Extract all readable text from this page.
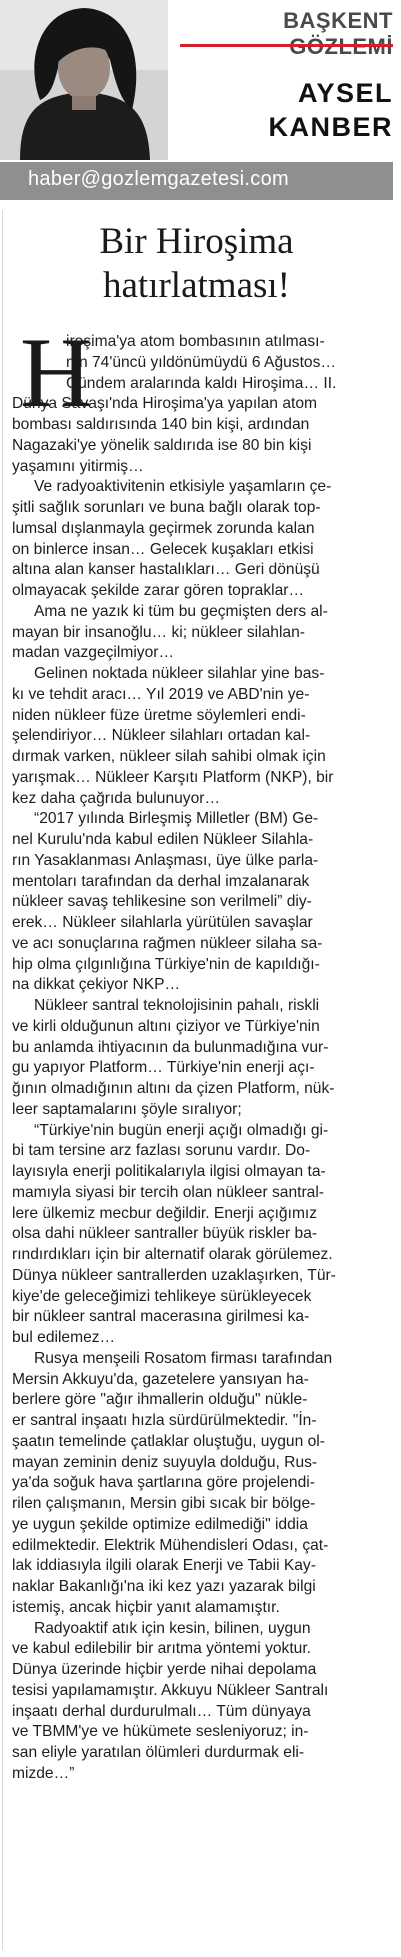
BAŞKENT
AYSEL
KANBER
haber@gozlemgazetesi.com
Bir Hiroşima
hatırlatması!
H
iroşima'ya atom bombasının atılması-
nın 74'üncü yıldönümüydü 6 Ağustos…
Gündem aralarında kaldı Hiroşima… II.
Dünya Savaşı'nda Hiroşima'ya yapılan atom
bombası saldırısında 140 bin kişi, ardından
Nagazaki'ye yönelik saldırıda ise 80 bin kişi
yaşamını yitirmiş…
Ve radyoaktivitenin etkisiyle yaşamların çe-
şitli sağlık sorunları ve buna bağlı olarak top-
lumsal dışlanmayla geçirmek zorunda kalan
on binlerce insan… Gelecek kuşakları etkisi
altına alan kanser hastalıkları… Geri dönüşü
olmayacak şekilde zarar gören topraklar…
Ama ne yazık ki tüm bu geçmişten ders al-
mayan bir insanoğlu… ki; nükleer silahlan-
madan vazgeçilmiyor…
Gelinen noktada nükleer silahlar yine bas-
kı ve tehdit aracı… Yıl 2019 ve ABD'nin ye-
niden nükleer füze üretme söylemleri endi-
şelendiriyor… Nükleer silahları ortadan kal-
dırmak varken, nükleer silah sahibi olmak için
yarışmak… Nükleer Karşıtı Platform (NKP), bir
kez daha çağrıda bulunuyor…
“2017 yılında Birleşmiş Milletler (BM) Ge-
nel Kurulu'nda kabul edilen Nükleer Silahla-
rın Yasaklanması Anlaşması, üye ülke parla-
mentoları tarafından da derhal imzalanarak
nükleer savaş tehlikesine son verilmeli” diy-
erek… Nükleer silahlarla yürütülen savaşlar
ve acı sonuçlarına rağmen nükleer silaha sa-
hip olma çılgınlığına Türkiye'nin de kapıldığı-
na dikkat çekiyor NKP…
Nükleer santral teknolojisinin pahalı, riskli
ve kirli olduğunun altını çiziyor ve Türkiye'nin
bu anlamda ihtiyacının da bulunmadığına vur-
gu yapıyor Platform… Türkiye'nin enerji açı-
ğının olmadığının altını da çizen Platform, nük-
leer saptamalarını şöyle sıralıyor;
“Türkiye'nin bugün enerji açığı olmadığı gi-
bi tam tersine arz fazlası sorunu vardır. Do-
layısıyla enerji politikalarıyla ilgisi olmayan ta-
mamıyla siyasi bir tercih olan nükleer santral-
lere ülkemiz mecbur değildir. Enerji açığımız
olsa dahi nükleer santraller büyük riskler ba-
rındırdıkları için bir alternatif olarak görülemez.
Dünya nükleer santrallerden uzaklaşırken, Tür-
kiye'de geleceğimizi tehlikeye sürükleyecek
bir nükleer santral macerasına girilmesi ka-
bul edilemez…
Rusya menşeili Rosatom firması tarafından
Mersin Akkuyu'da, gazetelere yansıyan ha-
berlere göre "ağır ihmallerin olduğu" nükle-
er santral inşaatı hızla sürdürülmektedir. "İn-
şaatın temelinde çatlaklar oluştuğu, uygun ol-
mayan zeminin deniz suyuyla dolduğu, Rus-
ya'da soğuk hava şartlarına göre projelendi-
rilen çalışmanın, Mersin gibi sıcak bir bölge-
ye uygun şekilde optimize edilmediği" iddia
edilmektedir. Elektrik Mühendisleri Odası, çat-
lak iddiasıyla ilgili olarak Enerji ve Tabii Kay-
naklar Bakanlığı'na iki kez yazı yazarak bilgi
istemiş, ancak hiçbir yanıt alamamıştır.
Radyoaktif atık için kesin, bilinen, uygun
ve kabul edilebilir bir arıtma yöntemi yoktur.
Dünya üzerinde hiçbir yerde nihai depolama
tesisi yapılamamıştır. Akkuyu Nükleer Santralı
inşaatı derhal durdurulmalı… Tüm dünyaya
ve TBMM'ye ve hükümete sesleniyoruz; in-
san eliyle yaratılan ölümleri durdurmak eli-
mizde…”
